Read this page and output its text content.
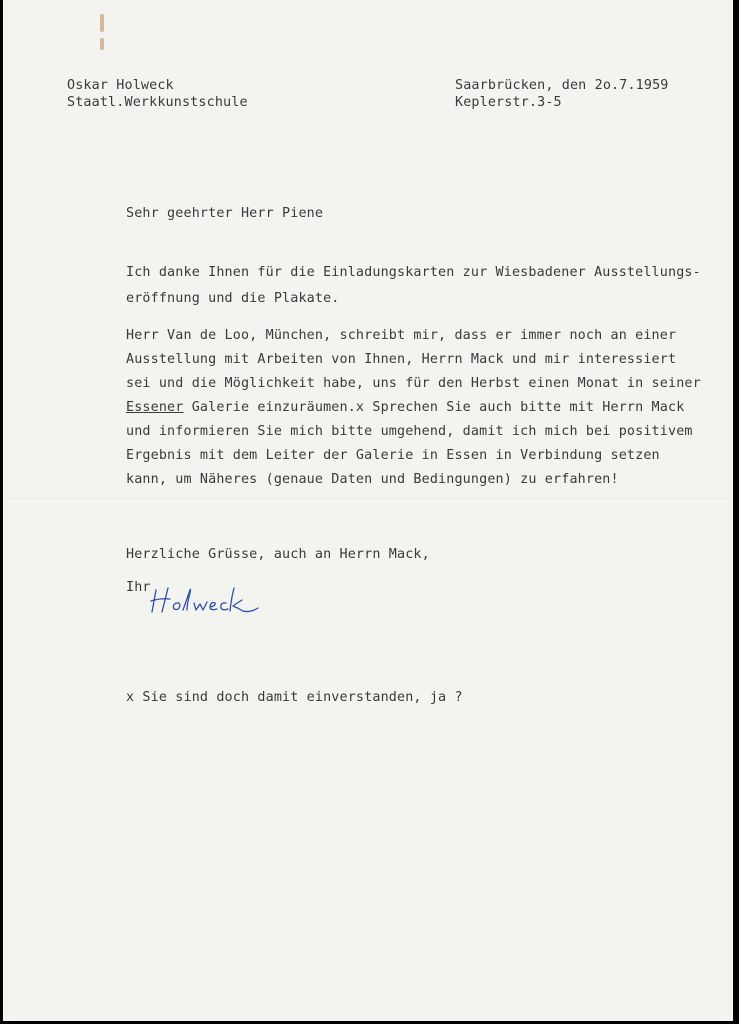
Oskar Holweck

Staatl.Werkkunstschule

Saarbrücken, den 2o.7.1959

Keplerstr.3-5

Sehr geehrter Herr Piene

Ich danke Ihnen für die Einladungskarten zur Wiesbadener Ausstellungs-

eröffnung und die Plakate.

Herr Van de Loo, München, schreibt mir, dass er immer noch an einer

Ausstellung mit Arbeiten von Ihnen, Herrn Mack und mir interessiert

sei und die Möglichkeit habe, uns für den Herbst einen Monat in seiner

Essener Galerie einzuräumen.x Sprechen Sie auch bitte mit Herrn Mack

und informieren Sie mich bitte umgehend, damit ich mich bei positivem

Ergebnis mit dem Leiter der Galerie in Essen in Verbindung setzen

kann, um Näheres (genaue Daten und Bedingungen) zu erfahren!

Herzliche Grüsse, auch an Herrn Mack,
Ihr
x Sie sind doch damit einverstanden, ja ?
